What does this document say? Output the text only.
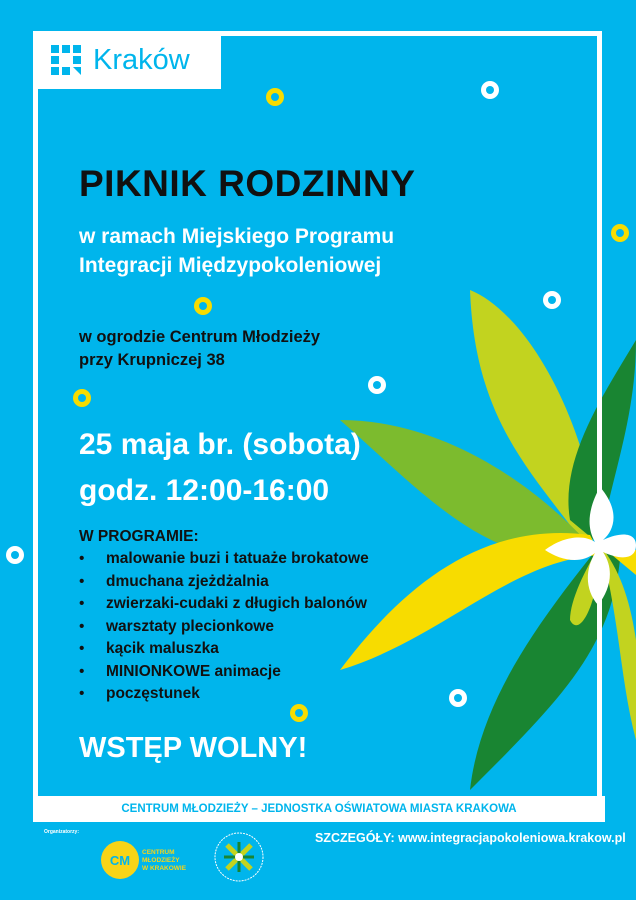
Kraków
PIKNIK RODZINNY
w ramach Miejskiego Programu
Integracji Międzypokoleniowej
w ogrodzie Centrum Młodzieży
przy Krupniczej 38
25 maja br. (sobota)
godz. 12:00-16:00
W PROGRAMIE:
• malowanie buzi i tatuaże brokatowe
• dmuchana zjeżdżalnia
• zwierzaki-cudaki z długich balonów
• warsztaty plecionkowe
• kącik maluszka
• MINIONKOWE animacje
• poczęstunek
WSTĘP WOLNY!
CENTRUM MŁODZIEŻY – JEDNOSTKA OŚWIATOWA MIASTA KRAKOWA
Organizatorzy:
CM
CENTRUM
MŁODZIEŻY
W KRAKOWIE
SZCZEGÓŁY: www.integracjapokoleniowa.krakow.pl
